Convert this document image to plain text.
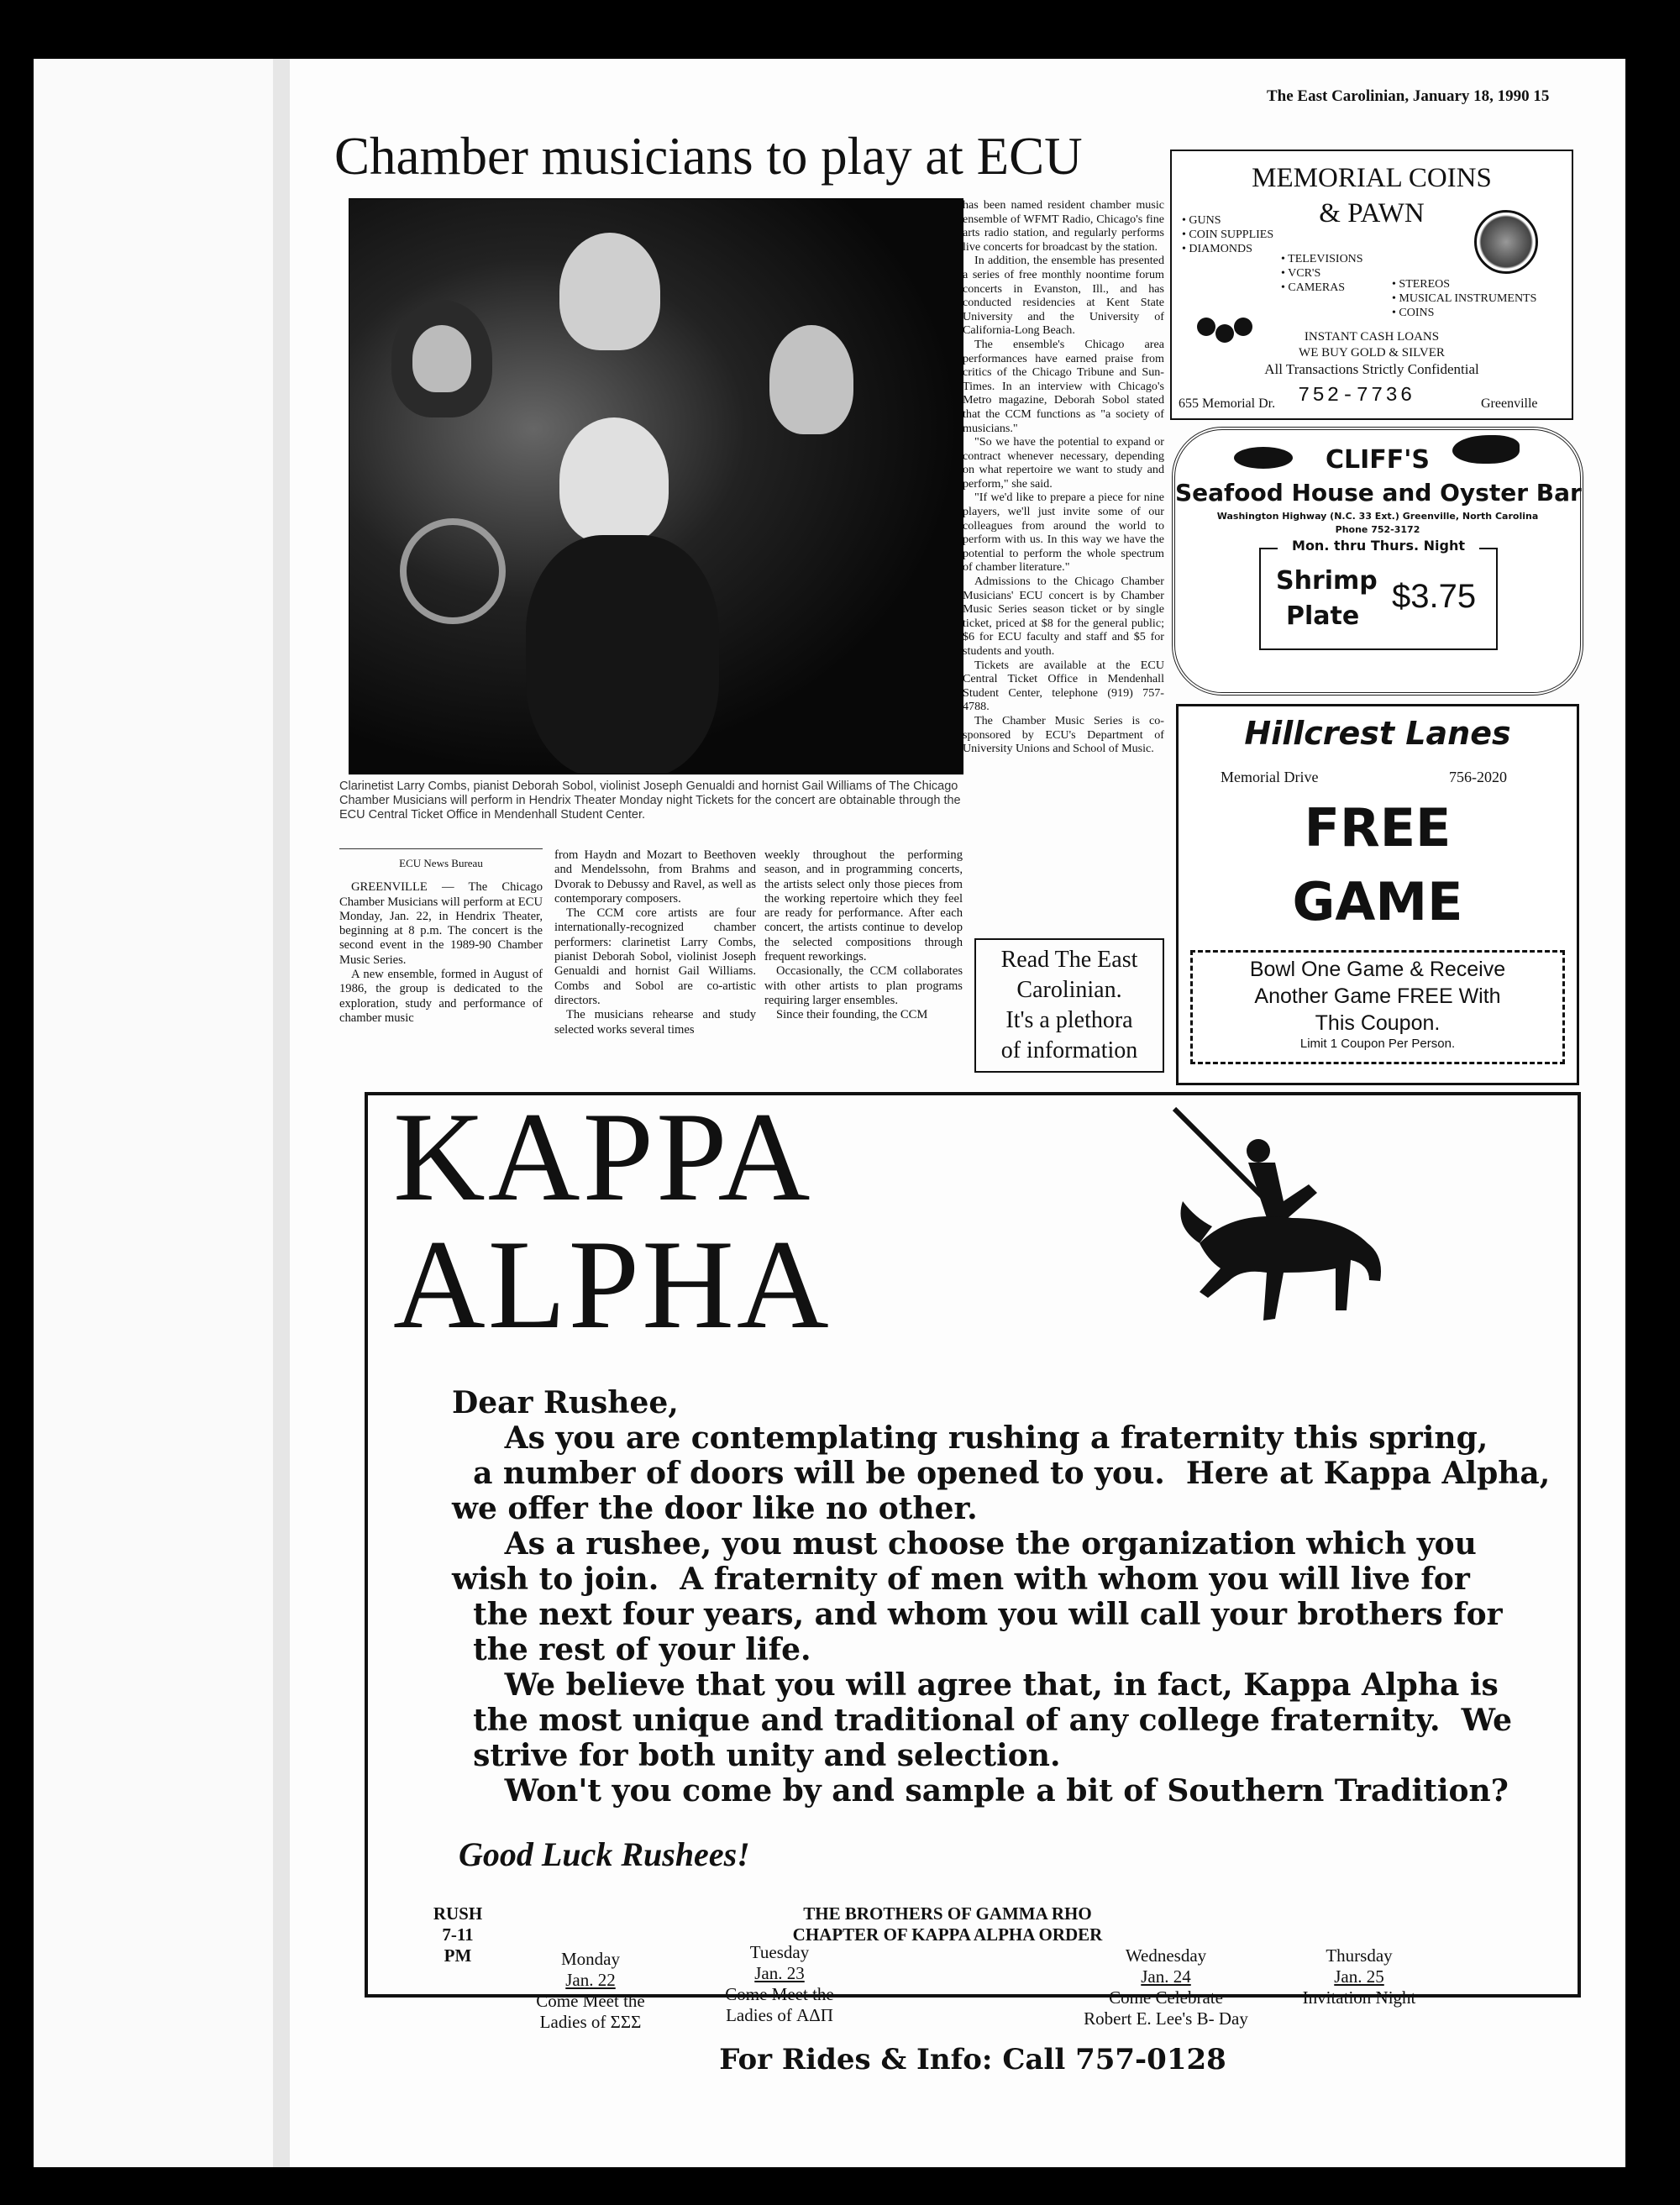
The East Carolinian, January 18, 1990 15
Chamber musicians to play at ECU
Clarinetist Larry Combs, pianist Deborah Sobol, violinist Joseph Genualdi and hornist Gail Williams of The Chicago Chamber Musicians will perform in Hendrix Theater Monday night Tickets for the concert are obtainable through the ECU Central Ticket Office in Mendenhall Student Center.
ECU News Bureau

GREENVILLE — The Chicago Chamber Musicians will perform at ECU Monday, Jan. 22, in Hendrix Theater, beginning at 8 p.m. The concert is the second event in the 1989-90 Chamber Music Series.

A new ensemble, formed in August of 1986, the group is dedicated to the exploration, study and performance of chamber music

from Haydn and Mozart to Beethoven and Mendelssohn, from Brahms and Dvorak to Debussy and Ravel, as well as contemporary composers.

The CCM core artists are four internationally-recognized chamber performers: clarinetist Larry Combs, pianist Deborah Sobol, violinist Joseph Genualdi and hornist Gail Williams. Combs and Sobol are co-artistic directors.

The musicians rehearse and study selected works several times

weekly throughout the performing season, and in programming concerts, the artists select only those pieces from the working repertoire which they feel are ready for performance. After each concert, the artists continue to develop the selected compositions through frequent reworkings.

Occasionally, the CCM collaborates with other artists to plan programs requiring larger ensembles.

Since their founding, the CCM

has been named resident chamber music ensemble of WFMT Radio, Chicago's fine arts radio station, and regularly performs live concerts for broadcast by the station.

In addition, the ensemble has presented a series of free monthly noontime forum concerts in Evanston, Ill., and has conducted residencies at Kent State University and the University of California-Long Beach.

The ensemble's Chicago area performances have earned praise from critics of the Chicago Tribune and Sun-Times. In an interview with Chicago's Metro magazine, Deborah Sobol stated that the CCM functions as "a society of musicians."

"So we have the potential to expand or contract whenever necessary, depending on what repertoire we want to study and perform," she said.

"If we'd like to prepare a piece for nine players, we'll just invite some of our colleagues from around the world to perform with us. In this way we have the potential to perform the whole spectrum of chamber literature."

Admissions to the Chicago Chamber Musicians' ECU concert is by Chamber Music Series season ticket or by single ticket, priced at $8 for the general public; $6 for ECU faculty and staff and $5 for students and youth.

Tickets are available at the ECU Central Ticket Office in Mendenhall Student Center, telephone (919) 757-4788.

The Chamber Music Series is co-sponsored by ECU's Department of University Unions and School of Music.

Read The East
Carolinian.
It's a plethora
of information
MEMORIAL COINS
& PAWN
• GUNS
• COIN SUPPLIES
• DIAMONDS
• TELEVISIONS
• VCR'S
• CAMERAS	• STEREOS
• MUSICAL INSTRUMENTS
• COINS
INSTANT CASH LOANS
WE BUY GOLD & SILVER
All Transactions Strictly Confidential
655 Memorial Dr. 752-7736	Greenville
CLIFF'S
Seafood House and Oyster Bar
Washington Highway (N.C. 33 Ext.) Greenville, North Carolina
Phone 752-3172
Mon. thru Thurs. Night
Shrimp
Plate
$3.75
Hillcrest Lanes
Memorial Drive	756-2020
FREE
GAME
Bowl One Game & Receive
Another Game FREE With
This Coupon.
Limit 1 Coupon Per Person.
KAPPA
ALPHA
Dear Rushee,
As you are contemplating rushing a fraternity this spring,
a number of doors will be opened to you.  Here at Kappa Alpha,
we offer the door like no other.
As a rushee, you must choose the organization which you
wish to join.  A fraternity of men with whom you will live for
the next four years, and whom you will call your brothers for
the rest of your life.
We believe that you will agree that, in fact, Kappa Alpha is
the most unique and traditional of any college fraternity.  We
strive for both unity and selection.
Won't you come by and sample a bit of Southern Tradition?
Good Luck Rushees!
RUSH
7-11 PM
THE BROTHERS OF GAMMA RHO
CHAPTER OF KAPPA ALPHA ORDER
Monday
Jan. 22
Come Meet the
Ladies of ΣΣΣ
Tuesday
Jan. 23
Come Meet the
Ladies of ΑΔΠ
Wednesday
Jan. 24
Come Celebrate
Robert E. Lee's B- Day
Thursday
Jan. 25
Invitation Night
For Rides & Info: Call 757-0128
